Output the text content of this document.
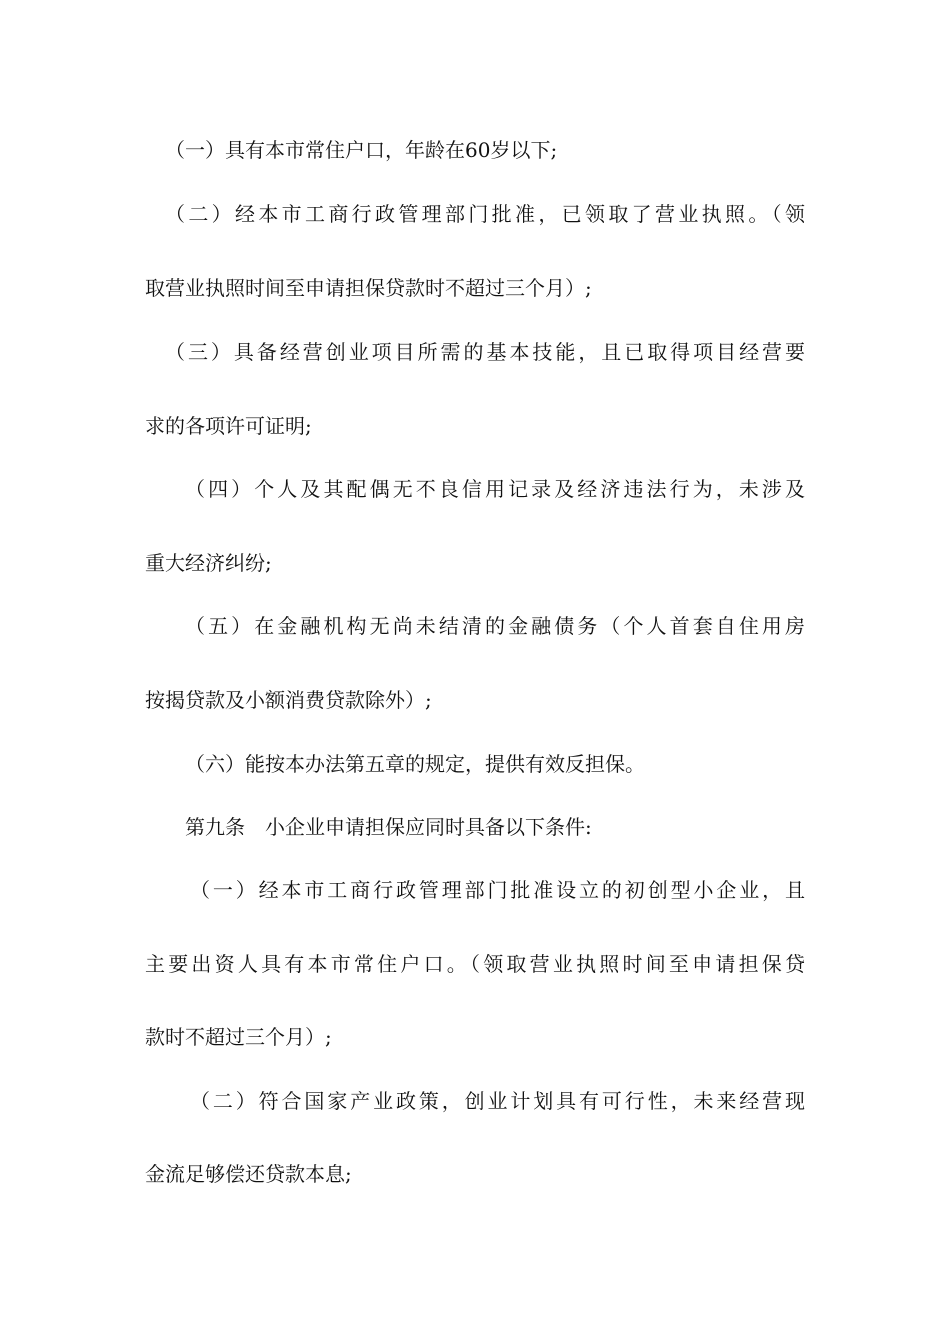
（一）具有本市常住户口，年龄在60岁以下;
（二）经本市工商行政管理部门批准，已领取了营业执照。（领
取营业执照时间至申请担保贷款时不超过三个月）;
（三）具备经营创业项目所需的基本技能，且已取得项目经营要
求的各项许可证明;
（四）个人及其配偶无不良信用记录及经济违法行为，未涉及
重大经济纠纷;
（五）在金融机构无尚未结清的金融债务（个人首套自住用房
按揭贷款及小额消费贷款除外）;
（六）能按本办法第五章的规定，提供有效反担保。
第九条　小企业申请担保应同时具备以下条件:
（一）经本市工商行政管理部门批准设立的初创型小企业，且
主要出资人具有本市常住户口。（领取营业执照时间至申请担保贷
款时不超过三个月）;
（二）符合国家产业政策，创业计划具有可行性，未来经营现
金流足够偿还贷款本息;
